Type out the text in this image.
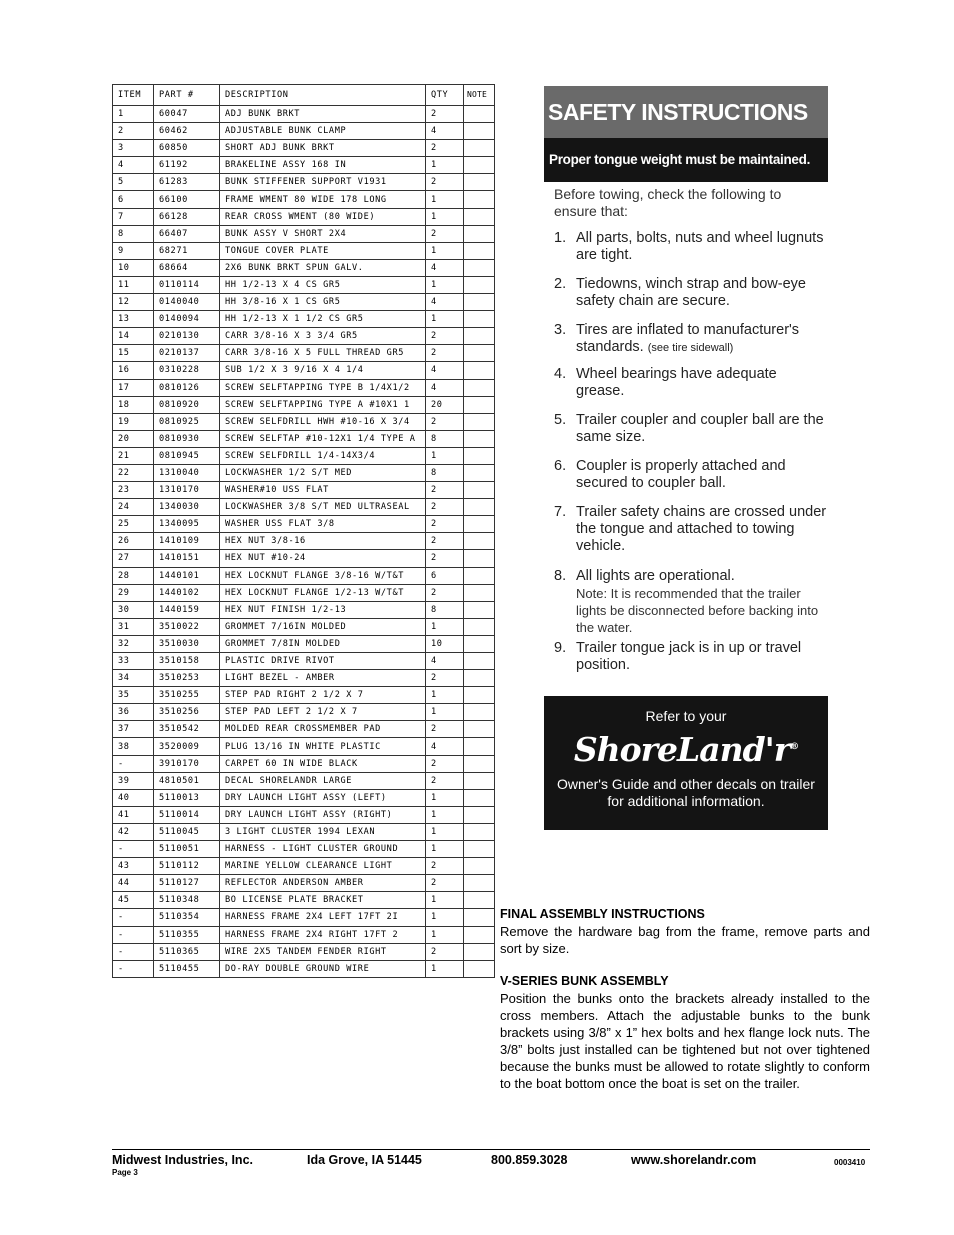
ITEM	PART #	DESCRIPTION	QTY	NOTE
1	60047	ADJ BUNK BRKT	2	
2	60462	ADJUSTABLE BUNK CLAMP	4	
3	60850	SHORT ADJ BUNK BRKT	2	
4	61192	BRAKELINE ASSY 168 IN	1	
5	61283	BUNK STIFFENER SUPPORT V1931	2	
6	66100	FRAME WMENT 80 WIDE 178 LONG	1	
7	66128	REAR CROSS WMENT (80 WIDE)	1	
8	66407	BUNK ASSY V SHORT 2X4	2	
9	68271	TONGUE COVER PLATE	1	
10	68664	2X6 BUNK BRKT SPUN GALV.	4	
11	0110114	HH 1/2-13 X 4 CS GR5	1	
12	0140040	HH 3/8-16 X 1 CS GR5	4	
13	0140094	HH 1/2-13 X 1 1/2 CS GR5	1	
14	0210130	CARR 3/8-16 X 3 3/4 GR5	2	
15	0210137	CARR 3/8-16 X 5 FULL THREAD GR5	2	
16	0310228	SUB 1/2 X 3 9/16 X 4 1/4	4	
17	0810126	SCREW SELFTAPPING TYPE B 1/4X1/2	4	
18	0810920	SCREW SELFTAPPING TYPE A #10X1 1	20	
19	0810925	SCREW SELFDRILL HWH #10-16 X 3/4	2	
20	0810930	SCREW SELFTAP #10-12X1 1/4 TYPE A	8	
21	0810945	SCREW SELFDRILL 1/4-14X3/4	1	
22	1310040	LOCKWASHER 1/2 S/T MED	8	
23	1310170	WASHER#10 USS FLAT	2	
24	1340030	LOCKWASHER 3/8 S/T MED ULTRASEAL	2	
25	1340095	WASHER USS FLAT 3/8	2	
26	1410109	HEX NUT 3/8-16	2	
27	1410151	HEX NUT #10-24	2	
28	1440101	HEX LOCKNUT FLANGE 3/8-16 W/T&T	6	
29	1440102	HEX LOCKNUT FLANGE 1/2-13 W/T&T	2	
30	1440159	HEX NUT FINISH 1/2-13	8	
31	3510022	GROMMET 7/16IN MOLDED	1	
32	3510030	GROMMET 7/8IN MOLDED	10	
33	3510158	PLASTIC DRIVE RIVOT	4	
34	3510253	LIGHT BEZEL - AMBER	2	
35	3510255	STEP PAD RIGHT 2 1/2 X 7	1	
36	3510256	STEP PAD LEFT 2 1/2 X 7	1	
37	3510542	MOLDED REAR CROSSMEMBER PAD	2	
38	3520009	PLUG 13/16 IN WHITE PLASTIC	4	
-	3910170	CARPET 60 IN WIDE BLACK	2	
39	4810501	DECAL SHORELANDR LARGE	2	
40	5110013	DRY LAUNCH LIGHT ASSY (LEFT)	1	
41	5110014	DRY LAUNCH LIGHT ASSY (RIGHT)	1	
42	5110045	3 LIGHT CLUSTER 1994 LEXAN	1	
-	5110051	HARNESS - LIGHT CLUSTER GROUND	1	
43	5110112	MARINE YELLOW CLEARANCE LIGHT	2	
44	5110127	REFLECTOR ANDERSON AMBER	2	
45	5110348	BO LICENSE PLATE BRACKET	1	
-	5110354	HARNESS FRAME 2X4 LEFT 17FT 2I	1	
-	5110355	HARNESS FRAME 2X4 RIGHT 17FT 2	1	
-	5110365	WIRE 2X5 TANDEM FENDER RIGHT	2	
-	5110455	DO-RAY DOUBLE GROUND WIRE	1	
SAFETY INSTRUCTIONS
Proper tongue weight must be maintained.
Before towing, check the following to ensure that:
1. All parts, bolts, nuts and wheel lugnuts are tight.
2. Tiedowns, winch strap and bow-eye safety chain are secure.
3. Tires are inflated to manufacturer's standards. (see tire sidewall)
4. Wheel bearings have adequate grease.
5. Trailer coupler and coupler ball are the same size.
6. Coupler is properly attached and secured to coupler ball.
7. Trailer safety chains are crossed under the tongue and attached to towing vehicle.
8. All lights are operational.
Note: It is recommended that the trailer lights be disconnected before backing into the water.
9. Trailer tongue jack is in up or travel position.
Refer to your
ShoreLand'r®
Owner's Guide and other decals on trailer for additional information.
FINAL ASSEMBLY INSTRUCTIONS
Remove the hardware bag from the frame, remove parts and sort by size.
V-SERIES BUNK ASSEMBLY
Position the bunks onto the brackets already installed to the cross members. Attach the adjustable bunks to the bunk brackets using 3/8” x 1” hex bolts and hex flange lock nuts. The 3/8” bolts just installed can be tightened but not over tightened because the bunks must be allowed to rotate slightly to conform to the boat bottom once the boat is set on the trailer.
Midwest Industries, Inc.	Ida Grove, IA 51445	800.859.3028	www.shorelandr.com	0003410
Page 3
